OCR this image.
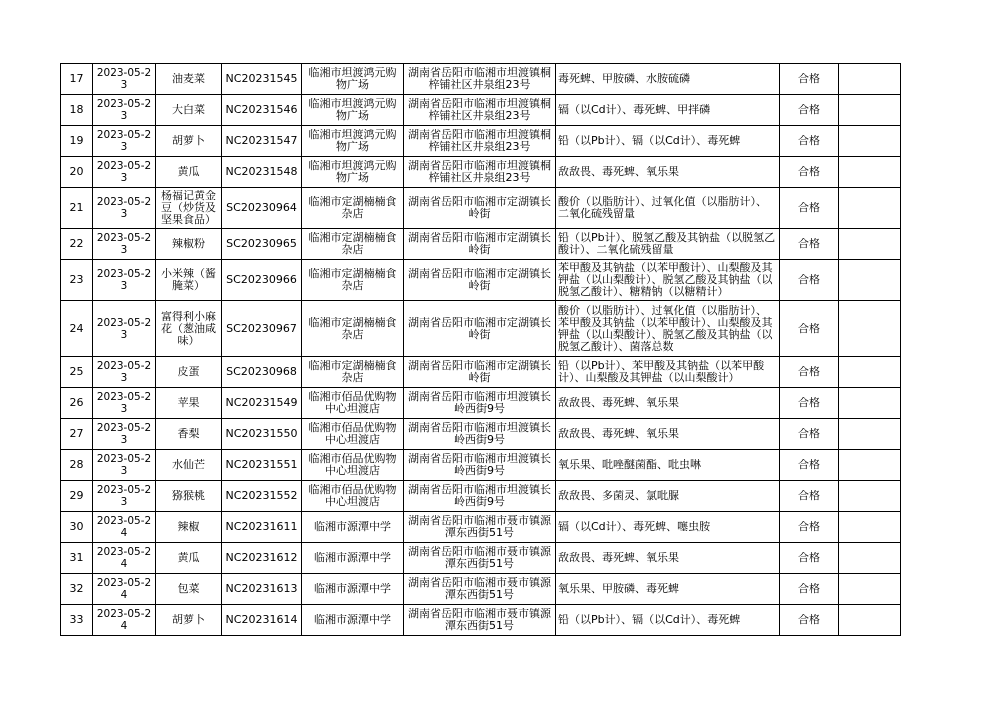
17	2023-05-23	油麦菜	NC20231545	临湘市坦渡鸿元购物广场	湖南省岳阳市临湘市坦渡镇桐梓铺社区井泉组23号	毒死蜱、甲胺磷、水胺硫磷	合格	

18	2023-05-23	大白菜	NC20231546	临湘市坦渡鸿元购物广场	湖南省岳阳市临湘市坦渡镇桐梓铺社区井泉组23号	镉（以Cd计）、毒死蜱、甲拌磷	合格	

19	2023-05-23	胡萝卜	NC20231547	临湘市坦渡鸿元购物广场	湖南省岳阳市临湘市坦渡镇桐梓铺社区井泉组23号	铅（以Pb计）、镉（以Cd计）、毒死蜱	合格	

20	2023-05-23	黄瓜	NC20231548	临湘市坦渡鸿元购物广场	湖南省岳阳市临湘市坦渡镇桐梓铺社区井泉组23号	敌敌畏、毒死蜱、氧乐果	合格	

21	2023-05-23	杨福记黄金豆（炒货及坚果食品）	SC20230964	临湘市定湖楠楠食杂店	湖南省岳阳市临湘市定湖镇长岭街	酸价（以脂肪计）、过氧化值（以脂肪计）、二氧化硫残留量	合格	

22	2023-05-23	辣椒粉	SC20230965	临湘市定湖楠楠食杂店	湖南省岳阳市临湘市定湖镇长岭街	铅（以Pb计）、脱氢乙酸及其钠盐（以脱氢乙酸计）、二氧化硫残留量	合格	

23	2023-05-23	小米辣（酱腌菜）	SC20230966	临湘市定湖楠楠食杂店	湖南省岳阳市临湘市定湖镇长岭街	苯甲酸及其钠盐（以苯甲酸计）、山梨酸及其钾盐（以山梨酸计）、脱氢乙酸及其钠盐（以脱氢乙酸计）、糖精钠（以糖精计）	合格	

24	2023-05-23	富得利小麻花（葱油咸味）	SC20230967	临湘市定湖楠楠食杂店	湖南省岳阳市临湘市定湖镇长岭街	酸价（以脂肪计）、过氧化值（以脂肪计）、苯甲酸及其钠盐（以苯甲酸计）、山梨酸及其钾盐（以山梨酸计）、脱氢乙酸及其钠盐（以脱氢乙酸计）、菌落总数	合格	

25	2023-05-23	皮蛋	SC20230968	临湘市定湖楠楠食杂店	湖南省岳阳市临湘市定湖镇长岭街	铅（以Pb计）、苯甲酸及其钠盐（以苯甲酸计）、山梨酸及其钾盐（以山梨酸计）	合格	

26	2023-05-23	苹果	NC20231549	临湘市佰品优购物中心坦渡店	湖南省岳阳市临湘市坦渡镇长岭西街9号	敌敌畏、毒死蜱、氧乐果	合格	

27	2023-05-23	香梨	NC20231550	临湘市佰品优购物中心坦渡店	湖南省岳阳市临湘市坦渡镇长岭西街9号	敌敌畏、毒死蜱、氧乐果	合格	

28	2023-05-23	水仙芒	NC20231551	临湘市佰品优购物中心坦渡店	湖南省岳阳市临湘市坦渡镇长岭西街9号	氧乐果、吡唑醚菌酯、吡虫啉	合格	

29	2023-05-23	猕猴桃	NC20231552	临湘市佰品优购物中心坦渡店	湖南省岳阳市临湘市坦渡镇长岭西街9号	敌敌畏、多菌灵、氯吡脲	合格	

30	2023-05-24	辣椒	NC20231611	临湘市源潭中学	湖南省岳阳市临湘市聂市镇源潭东西街51号	镉（以Cd计）、毒死蜱、噻虫胺	合格	

31	2023-05-24	黄瓜	NC20231612	临湘市源潭中学	湖南省岳阳市临湘市聂市镇源潭东西街51号	敌敌畏、毒死蜱、氧乐果	合格	

32	2023-05-24	包菜	NC20231613	临湘市源潭中学	湖南省岳阳市临湘市聂市镇源潭东西街51号	氧乐果、甲胺磷、毒死蜱	合格	

33	2023-05-24	胡萝卜	NC20231614	临湘市源潭中学	湖南省岳阳市临湘市聂市镇源潭东西街51号	铅（以Pb计）、镉（以Cd计）、毒死蜱	合格	
